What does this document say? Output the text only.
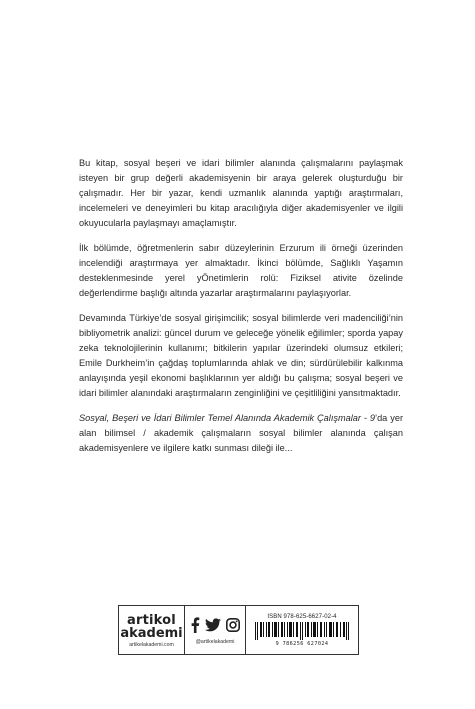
Bu kitap, sosyal beşeri ve idari bilimler alanında çalışmalarını paylaşmak isteyen bir grup değerli akademisyenin bir araya gelerek oluşturduğu bir çalışmadır. Her bir yazar, kendi uzmanlık alanında yaptığı araştırmaları, incelemeleri ve deneyimleri bu kitap aracılığıyla diğer akademisyenler ve ilgili okuyucularla paylaşmayı amaçlamıştır.

İlk bölümde, öğretmenlerin sabır düzeylerinin Erzurum ili örneği üzerinden incelendiği araştırmaya yer almaktadır. İkinci bölümde, Sağlıklı Yaşamın desteklenmesinde yerel yÖnetimlerin rolü: Fiziksel ativite özelinde değerlendirme başlığı altında yazarlar araştırmalarını paylaşıyorlar.

Devamında Türkiye’de sosyal girişimcilik; sosyal bilimlerde veri madenciliği’nin bibliyometrik analizi: güncel durum ve geleceğe yönelik eğilimler; sporda yapay zeka teknolojilerinin kullanımı; bitkilerin yapılar üzerindeki olumsuz etkileri; Emile Durkheim’in çağdaş toplumlarında ahlak ve din; sürdürülebilir kalkınma anlayışında yeşil ekonomi başlıklarının yer aldığı bu çalışma; sosyal beşeri ve idari bilimler alanındaki araştırmaların zenginliğini ve çeşitliliğini yansıtmaktadır.

Sosyal, Beşeri ve İdari Bilimler Temel Alanında Akademik Çalışmalar - 9’da yer alan bilimsel / akademik çalışmaların sosyal bilimler alanında çalışan akademisyenlere ve ilgilere katkı sunması dileği ile...

artikol
akademi
artikelakademi.com	@artikelakademi
ISBN 978-625-6627-02-4
9 786256 627024
